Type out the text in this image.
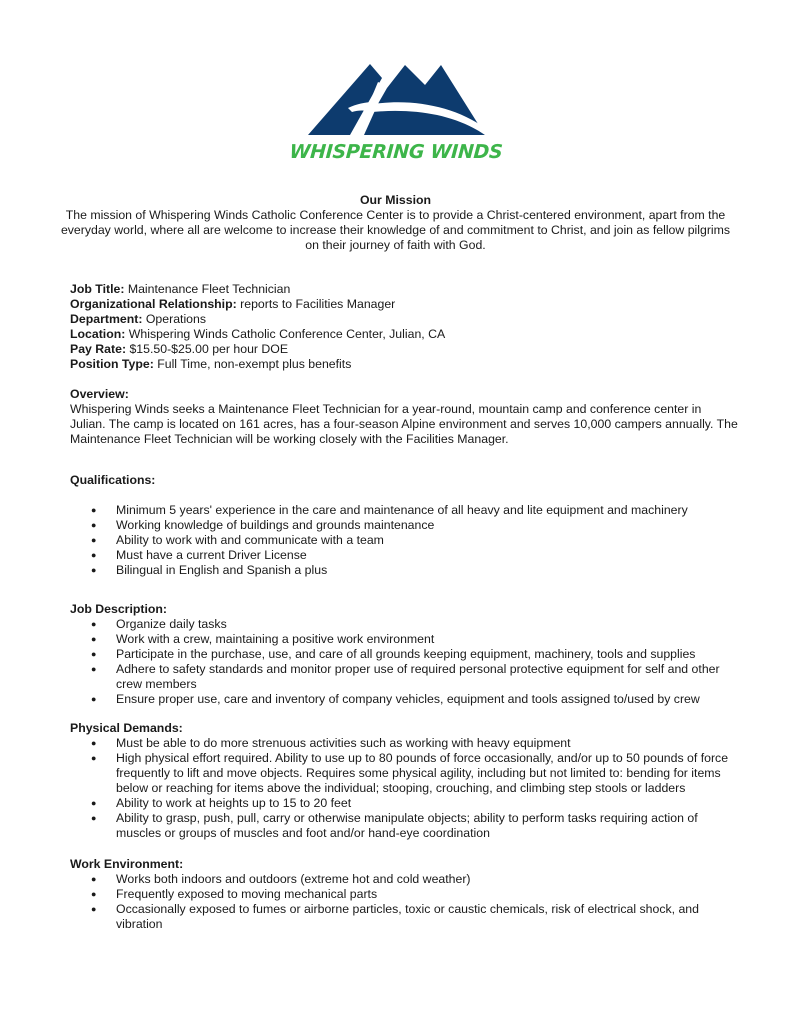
WHISPERING WINDS
Our Mission
The mission of Whispering Winds Catholic Conference Center is to provide a Christ-centered environment, apart from the everyday world, where all are welcome to increase their knowledge of and commitment to Christ, and join as fellow pilgrims on their journey of faith with God.

Job Title: Maintenance Fleet Technician

Organizational Relationship: reports to Facilities Manager

Department: Operations

Location: Whispering Winds Catholic Conference Center, Julian, CA

Pay Rate: $15.50-$25.00 per hour DOE

Position Type: Full Time, non-exempt plus benefits

Overview:

Whispering Winds seeks a Maintenance Fleet Technician for a year-round, mountain camp and conference center in Julian. The camp is located on 161 acres, has a four-season Alpine environment and serves 10,000 campers annually. The Maintenance Fleet Technician will be working closely with the Facilities Manager.

Qualifications:

● Minimum 5 years' experience in the care and maintenance of all heavy and lite equipment and machinery
● Working knowledge of buildings and grounds maintenance
● Ability to work with and communicate with a team
● Must have a current Driver License
● Bilingual in English and Spanish a plus

Job Description:

● Organize daily tasks
● Work with a crew, maintaining a positive work environment
● Participate in the purchase, use, and care of all grounds keeping equipment, machinery, tools and supplies
● Adhere to safety standards and monitor proper use of required personal protective equipment for self and other crew members
● Ensure proper use, care and inventory of company vehicles, equipment and tools assigned to/used by crew

Physical Demands:

● Must be able to do more strenuous activities such as working with heavy equipment
● High physical effort required. Ability to use up to 80 pounds of force occasionally, and/or up to 50 pounds of force frequently to lift and move objects. Requires some physical agility, including but not limited to: bending for items below or reaching for items above the individual; stooping, crouching, and climbing step stools or ladders
● Ability to work at heights up to 15 to 20 feet
● Ability to grasp, push, pull, carry or otherwise manipulate objects; ability to perform tasks requiring action of muscles or groups of muscles and foot and/or hand-eye coordination

Work Environment:

● Works both indoors and outdoors (extreme hot and cold weather)
● Frequently exposed to moving mechanical parts
● Occasionally exposed to fumes or airborne particles, toxic or caustic chemicals, risk of electrical shock, and vibration
